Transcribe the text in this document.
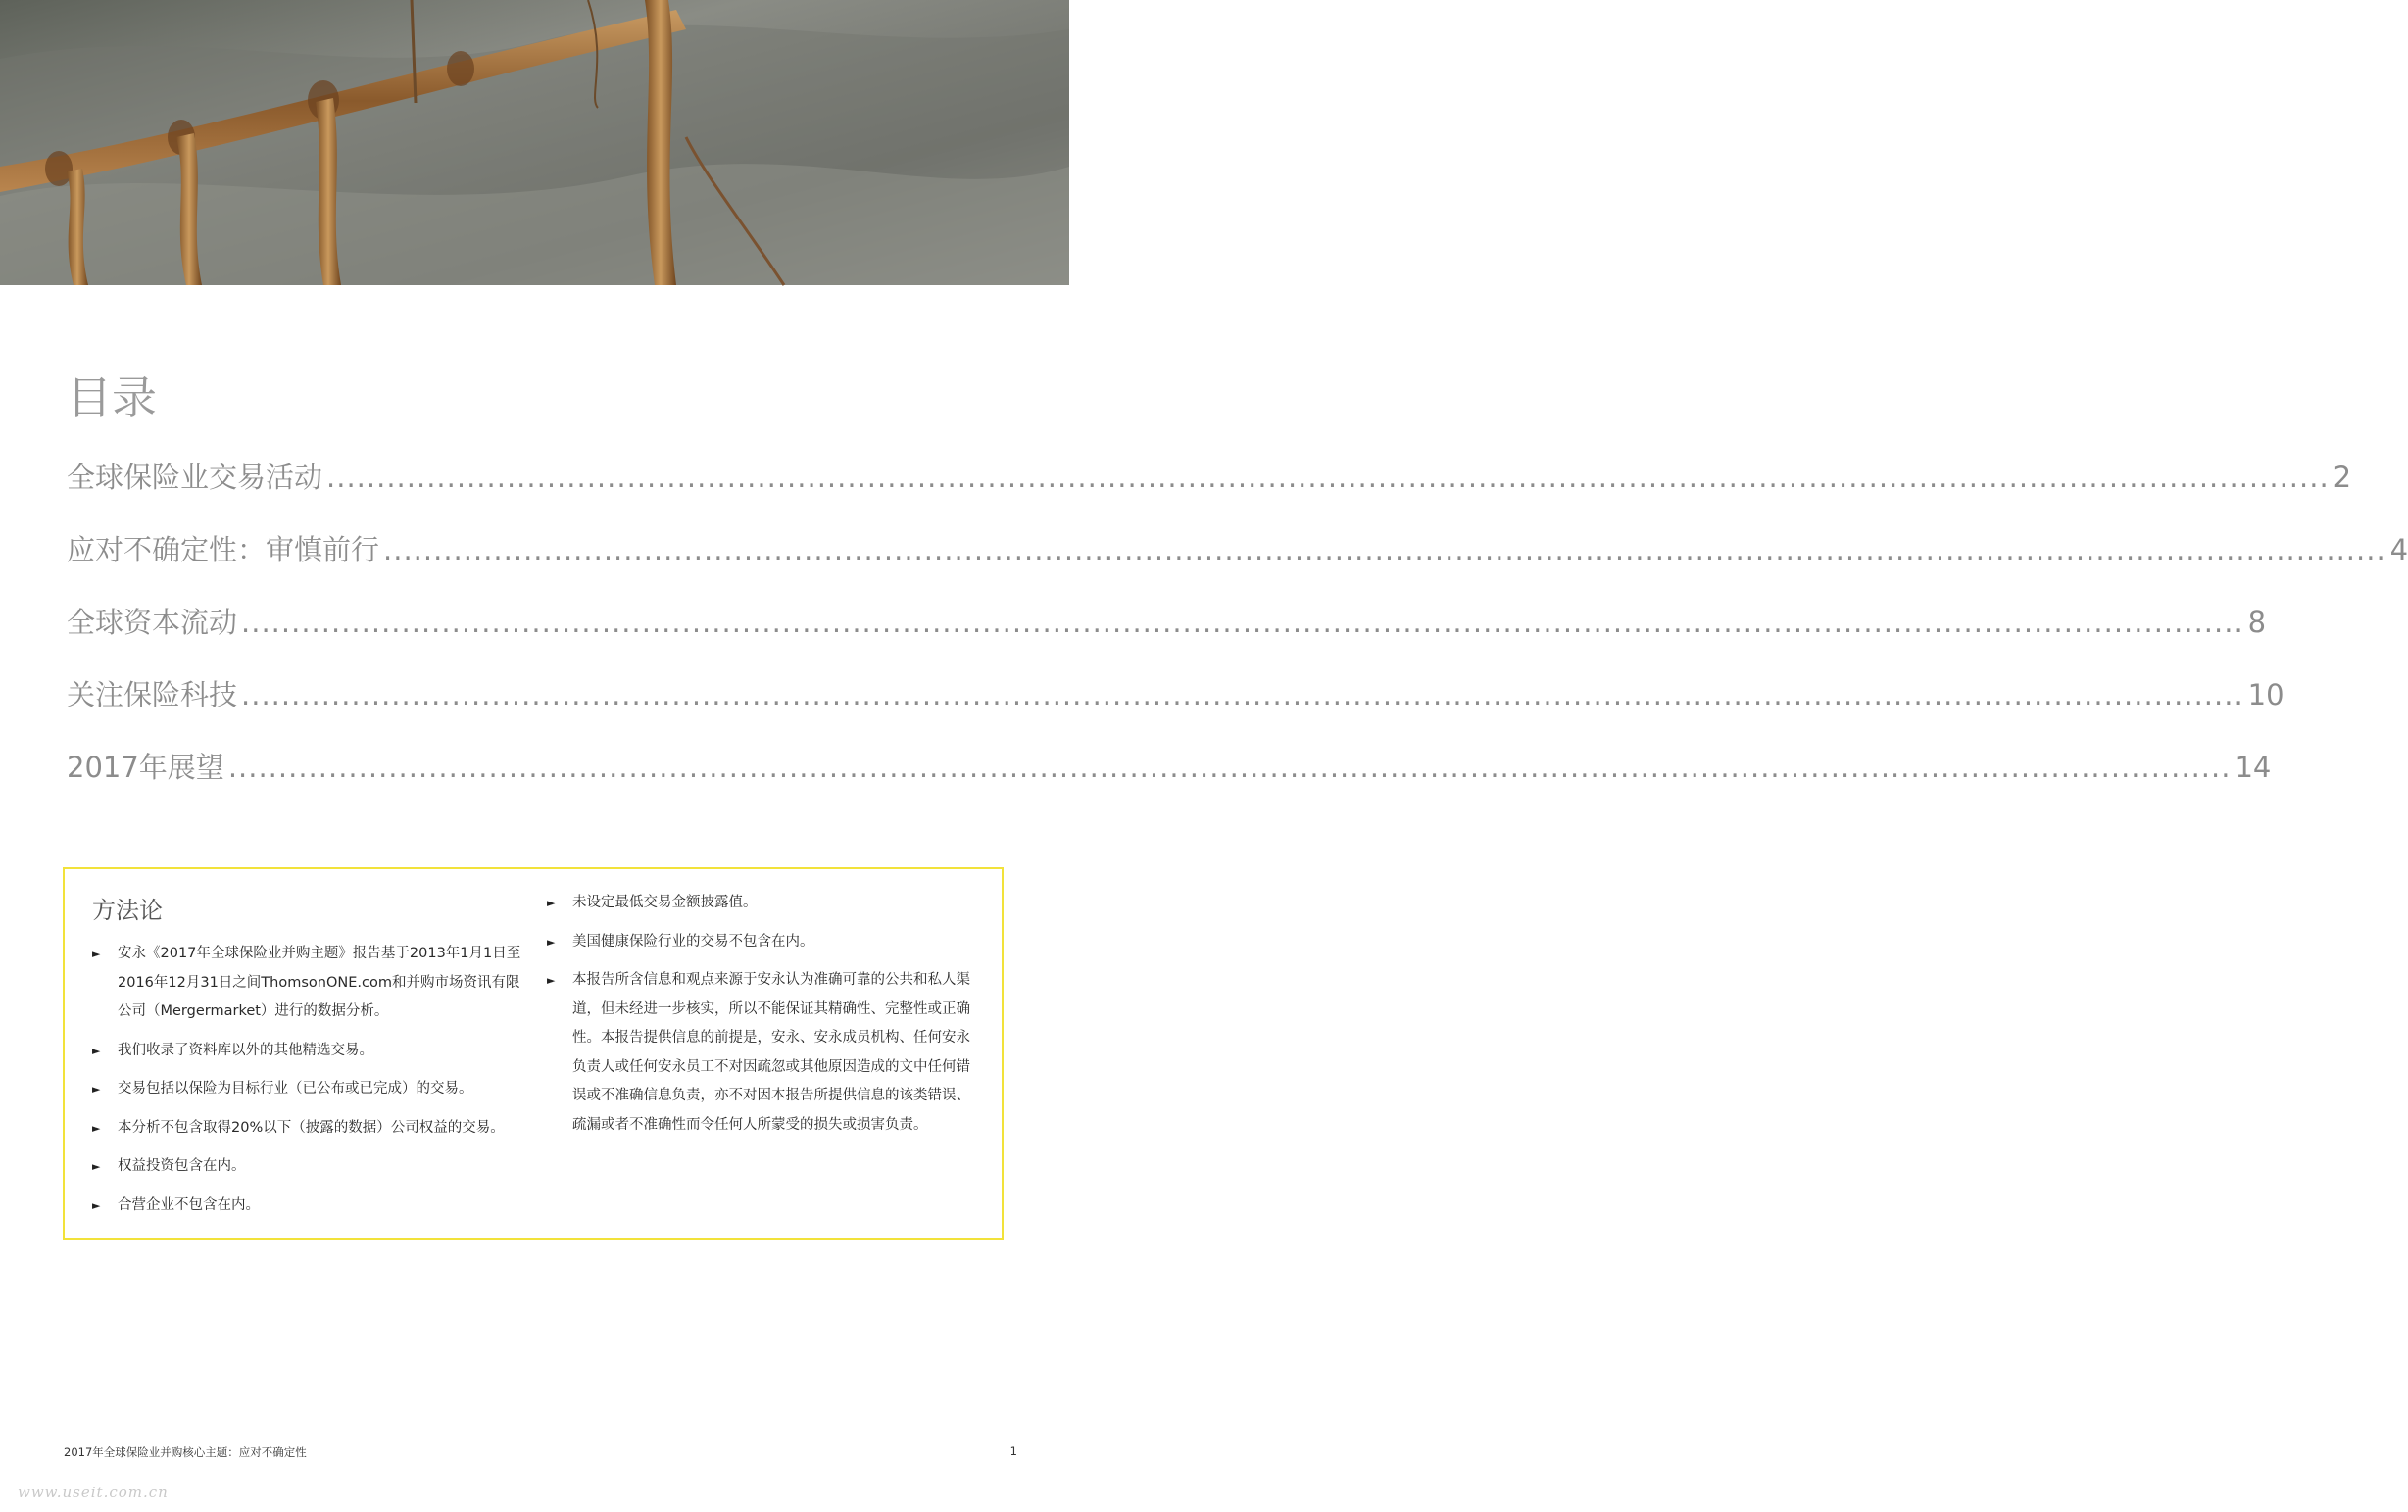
目录
全球保险业交易活动 ........................................................................................................................................................................................................ 2
应对不确定性：审慎前行 ........................................................................................................................................................................................................ 4
全球资本流动 ........................................................................................................................................................................................................ 8
关注保险科技 ........................................................................................................................................................................................................ 10
2017年展望 ........................................................................................................................................................................................................ 14
方法论
► 安永《2017年全球保险业并购主题》报告基于2013年1月1日至2016年12月31日之间ThomsonONE.com和并购市场资讯有限公司（Mergermarket）进行的数据分析。
► 我们收录了资料库以外的其他精选交易。
► 交易包括以保险为目标行业（已公布或已完成）的交易。
► 本分析不包含取得20%以下（披露的数据）公司权益的交易。
► 权益投资包含在内。
► 合营企业不包含在内。
► 未设定最低交易金额披露值。
► 美国健康保险行业的交易不包含在内。
► 本报告所含信息和观点来源于安永认为准确可靠的公共和私人渠道，但未经进一步核实，所以不能保证其精确性、完整性或正确性。本报告提供信息的前提是，安永、安永成员机构、任何安永负责人或任何安永员工不对因疏忽或其他原因造成的文中任何错误或不准确信息负责，亦不对因本报告所提供信息的该类错误、疏漏或者不准确性而令任何人所蒙受的损失或损害负责。
2017年全球保险业并购核心主题：应对不确定性	1
www.useit.com.cn
